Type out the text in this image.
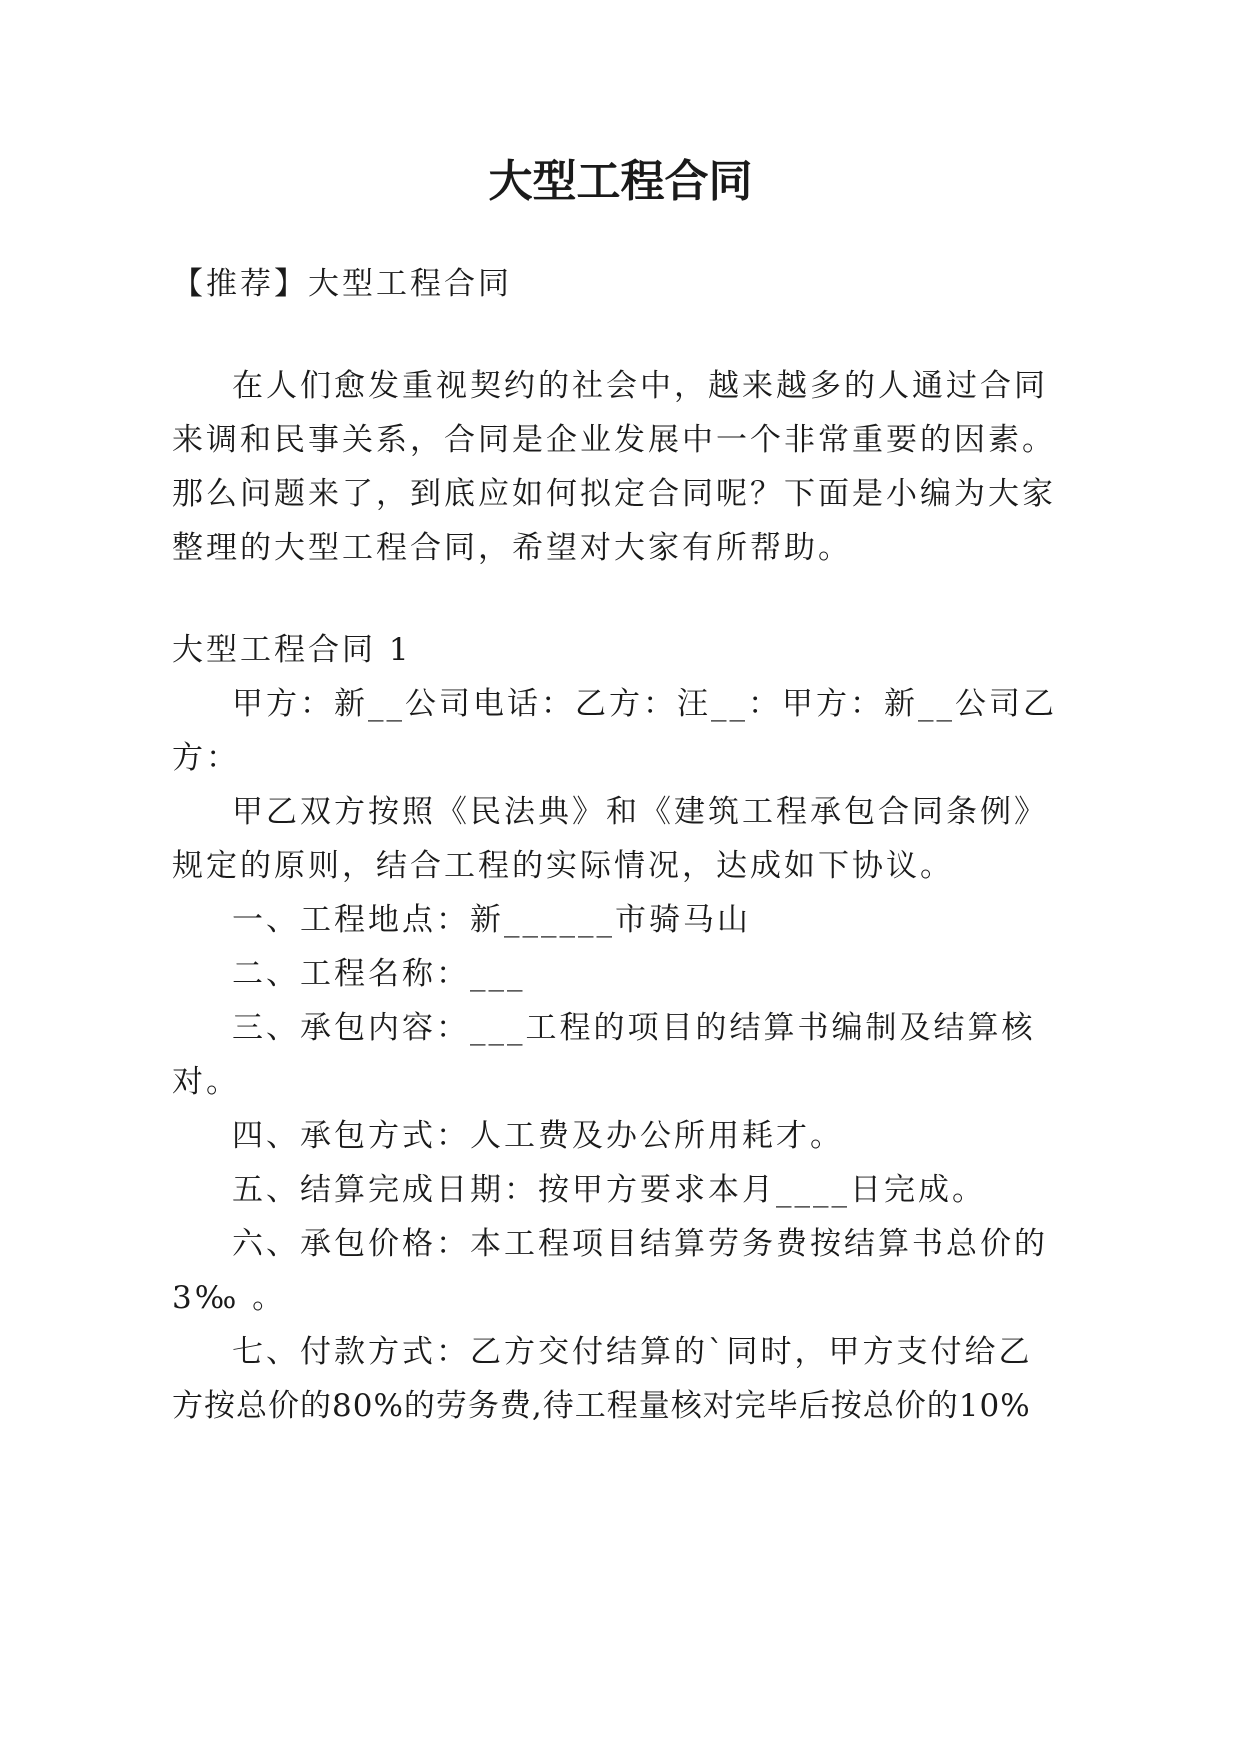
大型工程合同

【推荐】大型工程合同

在人们愈发重视契约的社会中，越来越多的人通过合同

来调和民事关系，合同是企业发展中一个非常重要的因素。

那么问题来了，到底应如何拟定合同呢？下面是小编为大家

整理的大型工程合同，希望对大家有所帮助。

大型工程合同 1

甲方：新__公司电话：乙方：汪__：甲方：新__公司乙

方：

甲乙双方按照《民法典》和《建筑工程承包合同条例》

规定的原则，结合工程的实际情况，达成如下协议。

一、工程地点：新______市骑马山

二、工程名称：___

三、承包内容：___工程的项目的结算书编制及结算核

对。

四、承包方式：人工费及办公所用耗才。

五、结算完成日期：按甲方要求本月____日完成。

六、承包价格：本工程项目结算劳务费按结算书总价的

3‰ 。

七、付款方式：乙方交付结算的`同时，甲方支付给乙

方按总价的80%的劳务费,待工程量核对完毕后按总价的10%
